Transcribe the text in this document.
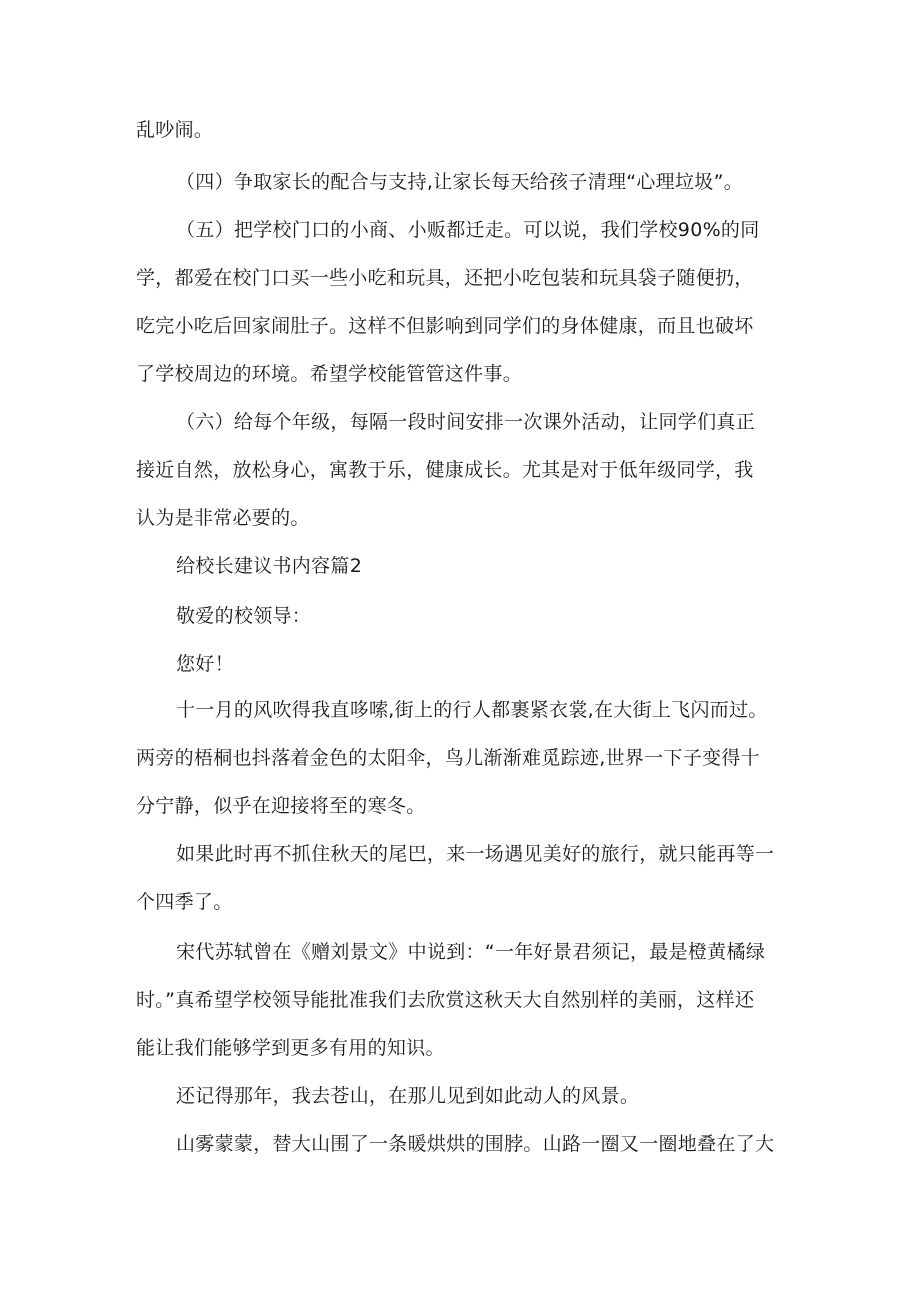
乱吵闹。

（四）争取家长的配合与支持,让家长每天给孩子清理“心理垃圾”。

（五）把学校门口的小商、小贩都迁走。可以说，我们学校90%的同
学，都爱在校门口买一些小吃和玩具，还把小吃包装和玩具袋子随便扔，
吃完小吃后回家闹肚子。这样不但影响到同学们的身体健康，而且也破坏
了学校周边的环境。希望学校能管管这件事。

（六）给每个年级，每隔一段时间安排一次课外活动，让同学们真正
接近自然，放松身心，寓教于乐，健康成长。尤其是对于低年级同学，我
认为是非常必要的。

给校长建议书内容篇2

敬爱的校领导：

您好！

十一月的风吹得我直哆嗦,街上的行人都裹紧衣裳,在大街上飞闪而过。
两旁的梧桐也抖落着金色的太阳伞，鸟儿渐渐难觅踪迹,世界一下子变得十
分宁静，似乎在迎接将至的寒冬。

如果此时再不抓住秋天的尾巴，来一场遇见美好的旅行，就只能再等一
个四季了。

宋代苏轼曾在《赠刘景文》中说到：“一年好景君须记，最是橙黄橘绿
时。”真希望学校领导能批准我们去欣赏这秋天大自然别样的美丽，这样还
能让我们能够学到更多有用的知识。

还记得那年，我去苍山，在那儿见到如此动人的风景。

山雾蒙蒙，替大山围了一条暖烘烘的围脖。山路一圈又一圈地叠在了大
